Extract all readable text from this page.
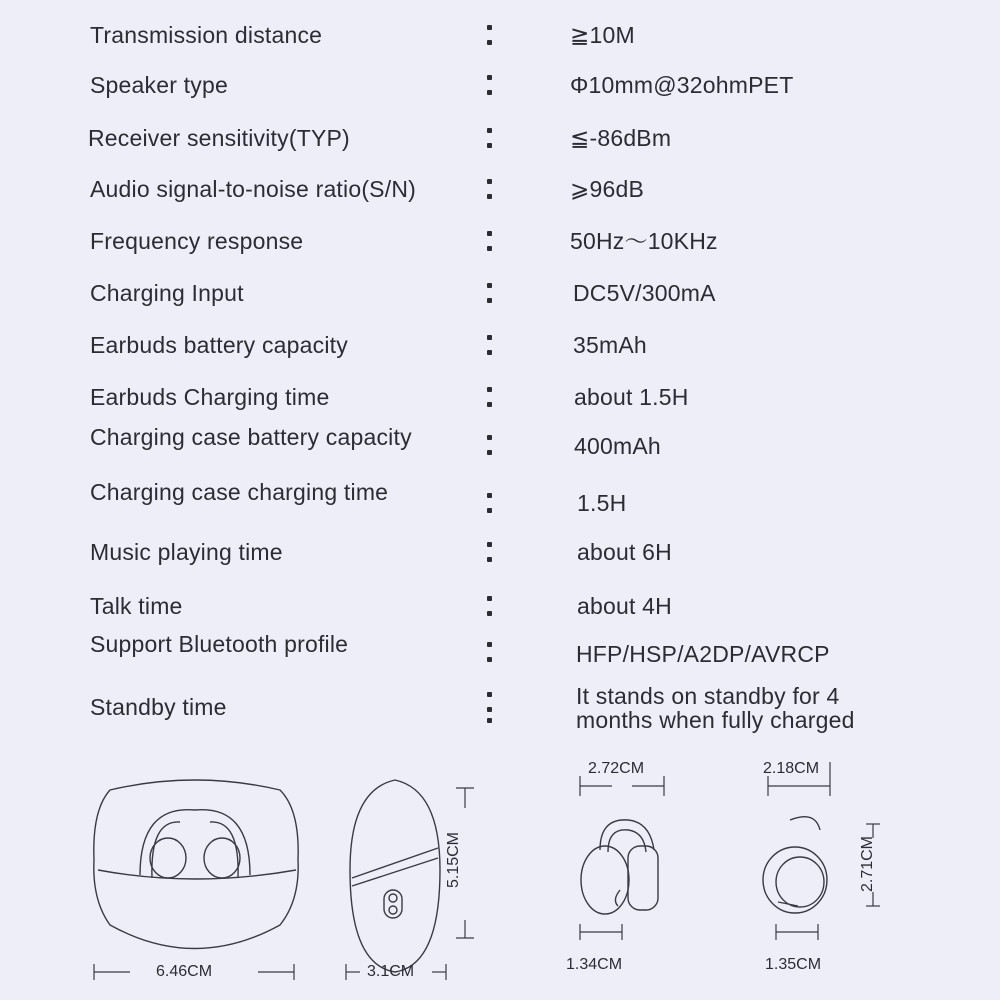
Transmission distance	≧10M
Speaker type	Φ10mm@32ohmPET
Receiver sensitivity(TYP)	≦-86dBm
Audio signal-to-noise ratio(S/N)	⩾96dB
Frequency response	50Hz〜10KHz
Charging Input	DC5V/300mA
Earbuds battery capacity	35mAh
Earbuds Charging time	about 1.5H
Charging case battery capacity	400mAh
Charging case charging time	1.5H
Music playing time	about 6H
Talk time	about 4H
Support Bluetooth profile	HFP/HSP/A2DP/AVRCP
Standby time	It stands on standby for 4 months when fully charged
6.46CM	3.1CM
5.15CM
2.72CM
1.34CM
2.18CM
1.35CM
2.71CM
